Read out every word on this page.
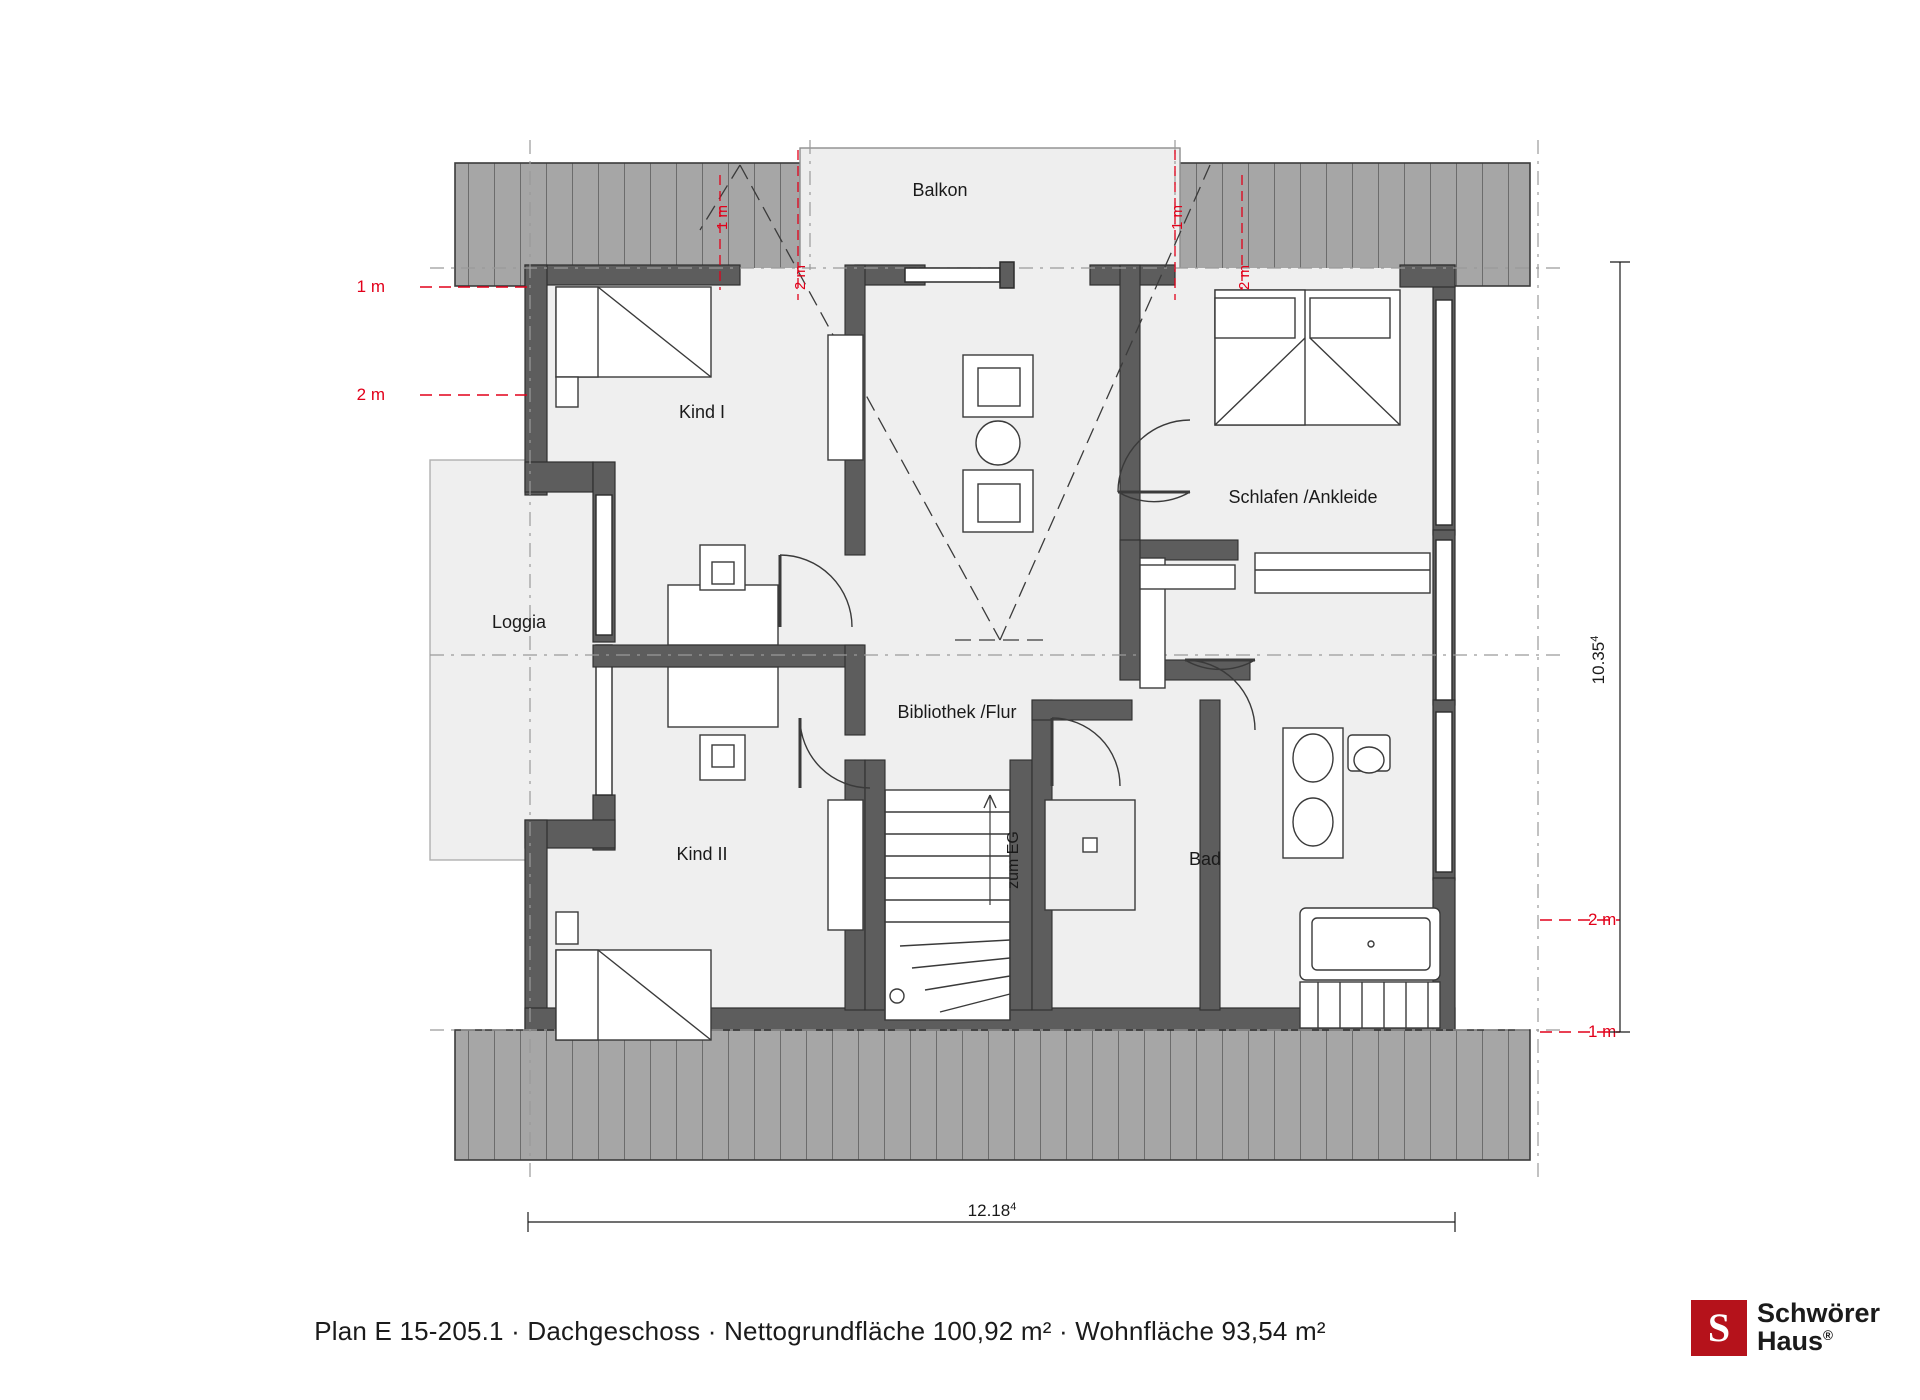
1 m
2 m
1 m
2 m
1 m
2 m
2 m
1 m
10.35$^4$
12.18$^4$
Balkon
Kind I
Schlafen /Ankleide
Loggia
Bibliothek /Flur
Kind II	Bad
zum EG
Plan E 15-205.1 · Dachgeschoss · Nettogrundfläche 100,92 m² · Wohnfläche 93,54 m²	S Schwörer
Haus®
